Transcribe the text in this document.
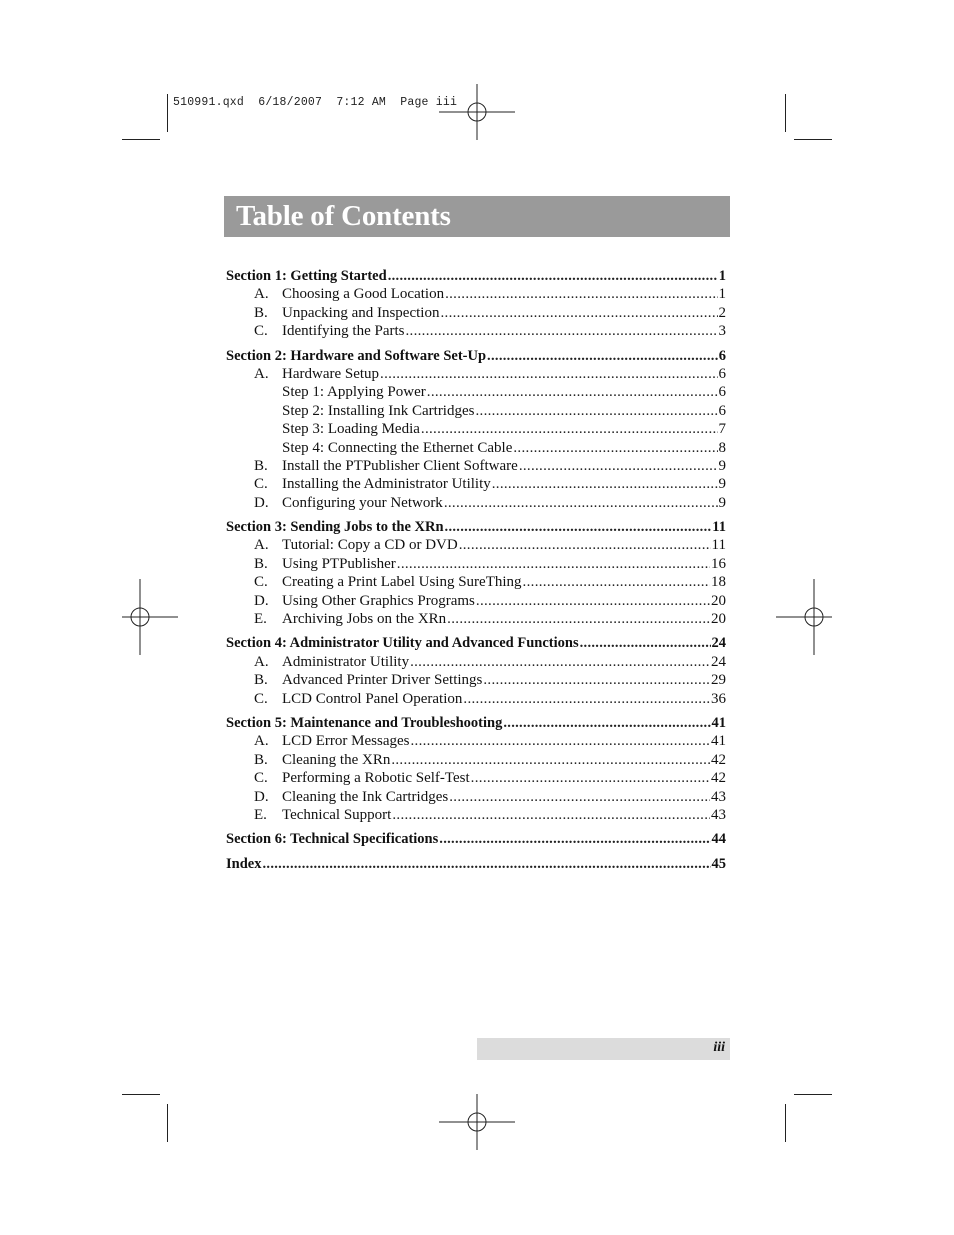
510991.qxd  6/18/2007  7:12 AM  Page iii
Table of Contents
Section 1: Getting Started .....	1
A. Choosing a Good Location .....	1
B. Unpacking and Inspection .....	2
C. Identifying the Parts .....	3
Section 2: Hardware and Software Set-Up .....	6
A. Hardware Setup .....	6
Step 1: Applying Power .....	6
Step 2: Installing Ink Cartridges .....	6
Step 3: Loading Media .....	7
Step 4: Connecting the Ethernet Cable .....	8
B. Install the PTPublisher Client Software .....	9
C. Installing the Administrator Utility .....	9
D. Configuring your Network .....	9
Section 3: Sending Jobs to the XRn .....	11
A. Tutorial: Copy a CD or DVD .....	11
B. Using PTPublisher .....	16
C. Creating a Print Label Using SureThing .....	18
D. Using Other Graphics Programs .....	20
E.	Archiving Jobs on the XRn .....	20
Section 4: Administrator Utility and Advanced Functions .....	24
A. Administrator Utility .....	24
B. Advanced Printer Driver Settings .....	29
C. LCD Control Panel Operation .....	36
Section 5: Maintenance and Troubleshooting .....	41
A. LCD Error Messages .....	41
B. Cleaning the XRn .....	42
C. Performing a Robotic Self-Test .....	42
D. Cleaning the Ink Cartridges .....	43
E.	Technical Support .....	43
Section 6: Technical Specifications .....	44
Index .....	45
iii
